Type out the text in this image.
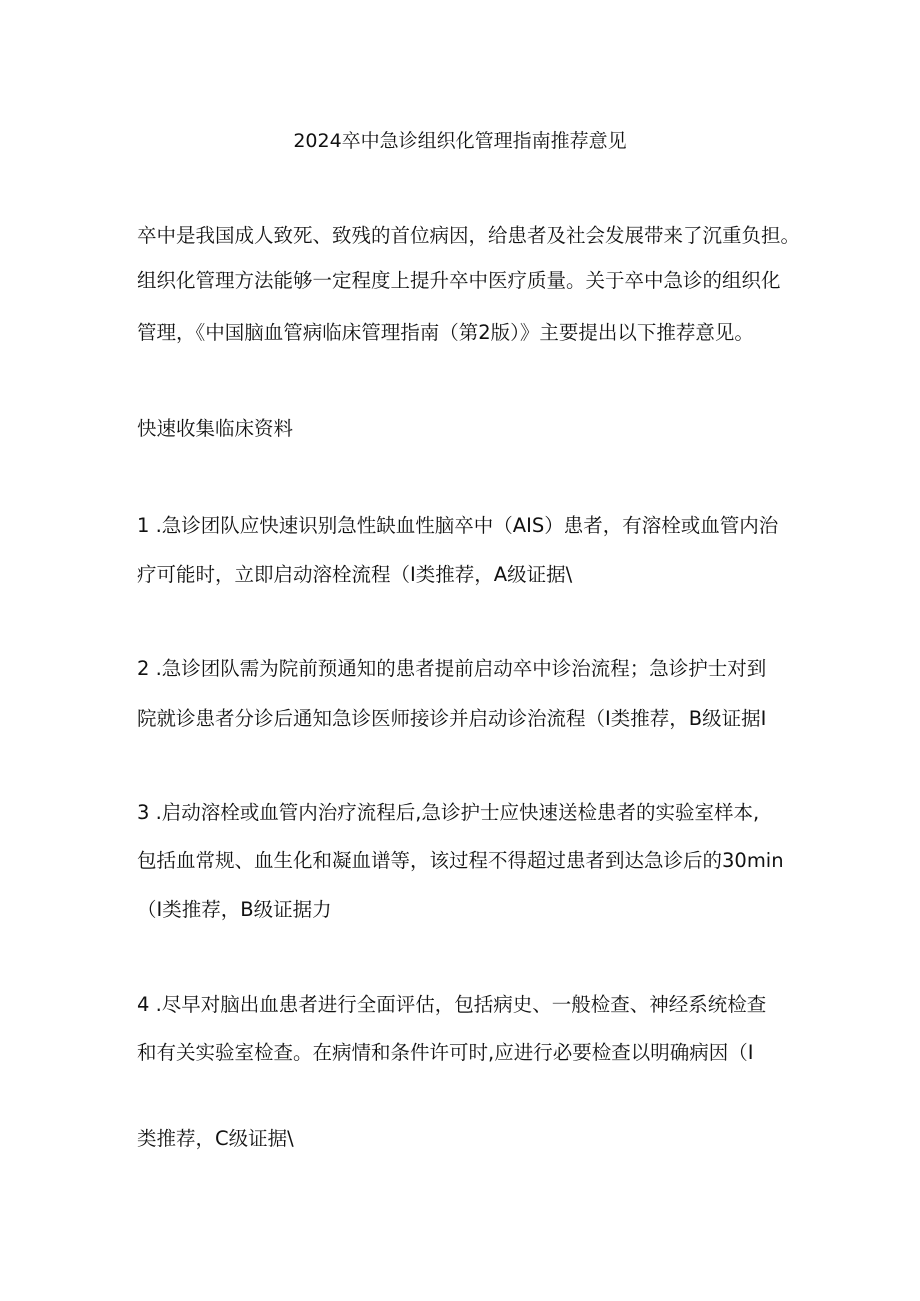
2024卒中急诊组织化管理指南推荐意见
卒中是我国成人致死、致残的首位病因，给患者及社会发展带来了沉重负担。
组织化管理方法能够一定程度上提升卒中医疗质量。关于卒中急诊的组织化
管理，《中国脑血管病临床管理指南（第2版）》主要提出以下推荐意见。
快速收集临床资料
1 .急诊团队应快速识别急性缺血性脑卒中（AIS）患者，有溶栓或血管内治
疗可能时，立即启动溶栓流程（I类推荐，A级证据\
2 .急诊团队需为院前预通知的患者提前启动卒中诊治流程；急诊护士对到
院就诊患者分诊后通知急诊医师接诊并启动诊治流程（I类推荐，B级证据I
3 .启动溶栓或血管内治疗流程后,急诊护士应快速送检患者的实验室样本,
包括血常规、血生化和凝血谱等，该过程不得超过患者到达急诊后的30min
（I类推荐，B级证据力
4 .尽早对脑出血患者进行全面评估，包括病史、一般检查、神经系统检查
和有关实验室检查。在病情和条件许可时,应进行必要检查以明确病因（I
类推荐，C级证据\
